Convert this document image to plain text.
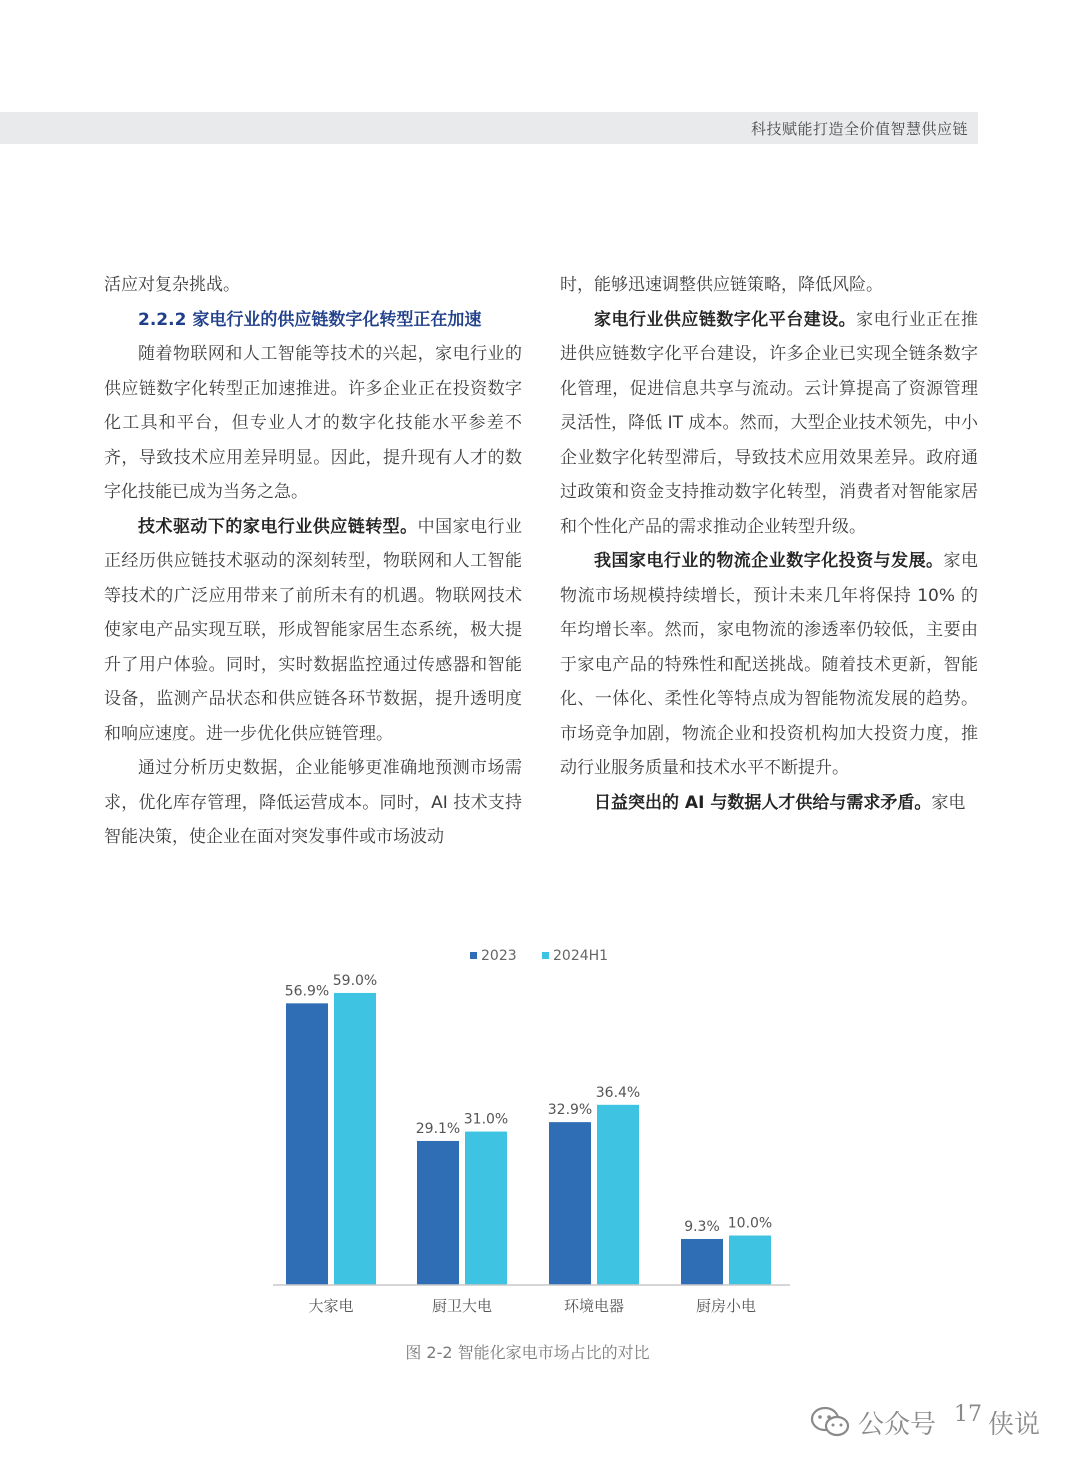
科技赋能打造全价值智慧供应链

活应对复杂挑战。

2.2.2 家电行业的供应链数字化转型正在加速

随着物联网和人工智能等技术的兴起，家电行业的供应链数字化转型正加速推进。许多企业正在投资数字化工具和平台，但专业人才的数字化技能水平参差不齐，导致技术应用差异明显。因此，提升现有人才的数字化技能已成为当务之急。

技术驱动下的家电行业供应链转型。中国家电行业正经历供应链技术驱动的深刻转型，物联网和人工智能等技术的广泛应用带来了前所未有的机遇。物联网技术使家电产品实现互联，形成智能家居生态系统，极大提升了用户体验。同时，实时数据监控通过传感器和智能设备，监测产品状态和供应链各环节数据，提升透明度和响应速度。进一步优化供应链管理。

通过分析历史数据，企业能够更准确地预测市场需求，优化库存管理，降低运营成本。同时，AI 技术支持智能决策，使企业在面对突发事件或市场波动

时，能够迅速调整供应链策略，降低风险。

家电行业供应链数字化平台建设。家电行业正在推进供应链数字化平台建设，许多企业已实现全链条数字化管理，促进信息共享与流动。云计算提高了资源管理灵活性，降低 IT 成本。然而，大型企业技术领先，中小企业数字化转型滞后，导致技术应用效果差异。政府通过政策和资金支持推动数字化转型，消费者对智能家居和个性化产品的需求推动企业转型升级。

我国家电行业的物流企业数字化投资与发展。家电物流市场规模持续增长，预计未来几年将保持 10% 的年均增长率。然而，家电物流的渗透率仍较低，主要由于家电产品的特殊性和配送挑战。随着技术更新，智能化、一体化、柔性化等特点成为智能物流发展的趋势。市场竞争加剧，物流企业和投资机构加大投资力度，推动行业服务质量和技术水平不断提升。

日益突出的 AI 与数据人才供给与需求矛盾。家电

2023	2024H1
56.9%
59.0%
大家电
29.1%
31.0%
厨卫大电
32.9%
36.4%
环境电器
9.3% 10.0%
厨房小电
图 2-2 智能化家电市场占比的对比
公众号 17 侠说
